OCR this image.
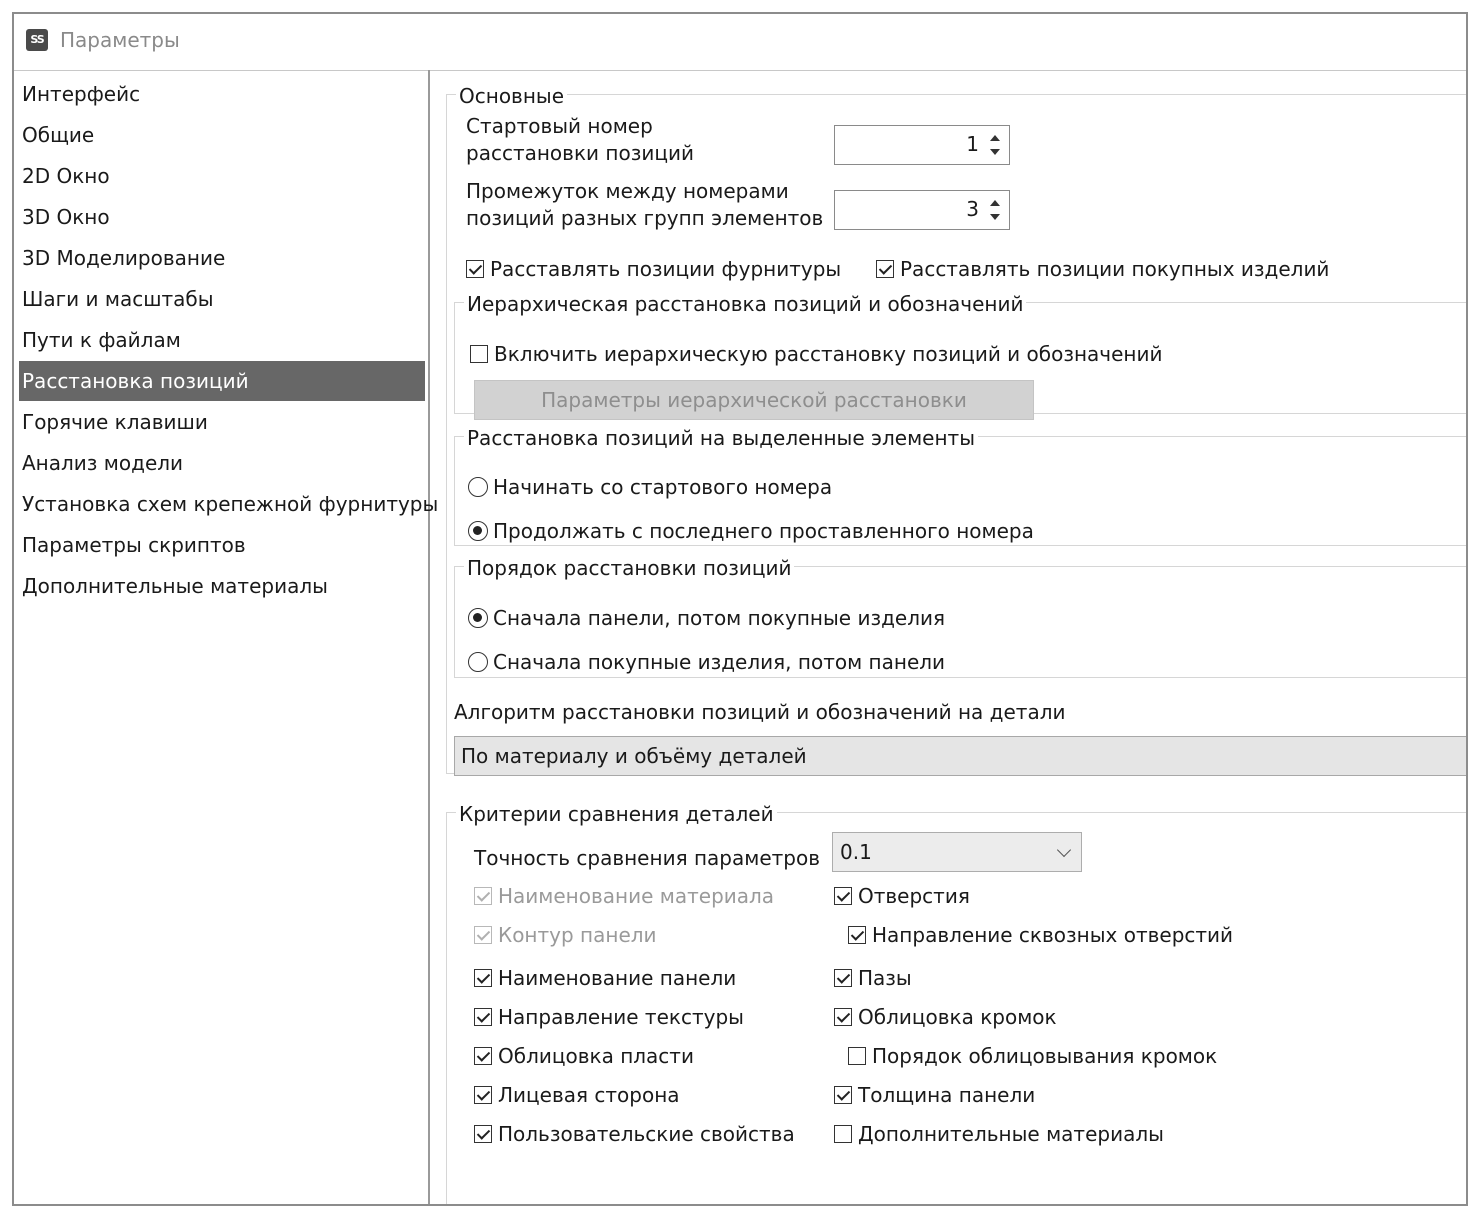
SS Параметры
Интерфейс
Общие
2D Окно
3D Окно
3D Моделирование
Шаги и масштабы
Пути к файлам
Расстановка позиций
Горячие клавиши
Анализ модели
Установка схем крепежной фурнитуры
Параметры скриптов
Дополнительные материалы
Основные
Стартовый номер
расстановки позиций	1
Промежуток между номерами
позиций разных групп элементов	3
Расставлять позиции фурнитуры	Расставлять позиции покупных изделий
Иерархическая расстановка позиций и обозначений
Включить иерархическую расстановку позиций и обозначений
Параметры иерархической расстановки
Расстановка позиций на выделенные элементы
Начинать со стартового номера
Продолжать с последнего проставленного номера
Порядок расстановки позиций
Сначала панели, потом покупные изделия
Сначала покупные изделия, потом панели
Алгоритм расстановки позиций и обозначений на детали
По материалу и объёму деталей
Критерии сравнения деталей
Точность сравнения параметров	0.1
Наименование материала	Отверстия
Контур панели	Направление сквозных отверстий
Наименование панели	Пазы
Направление текстуры	Облицовка кромок
Облицовка пласти	Порядок облицовывания кромок
Лицевая сторона	Толщина панели
Пользовательские свойства	Дополнительные материалы
